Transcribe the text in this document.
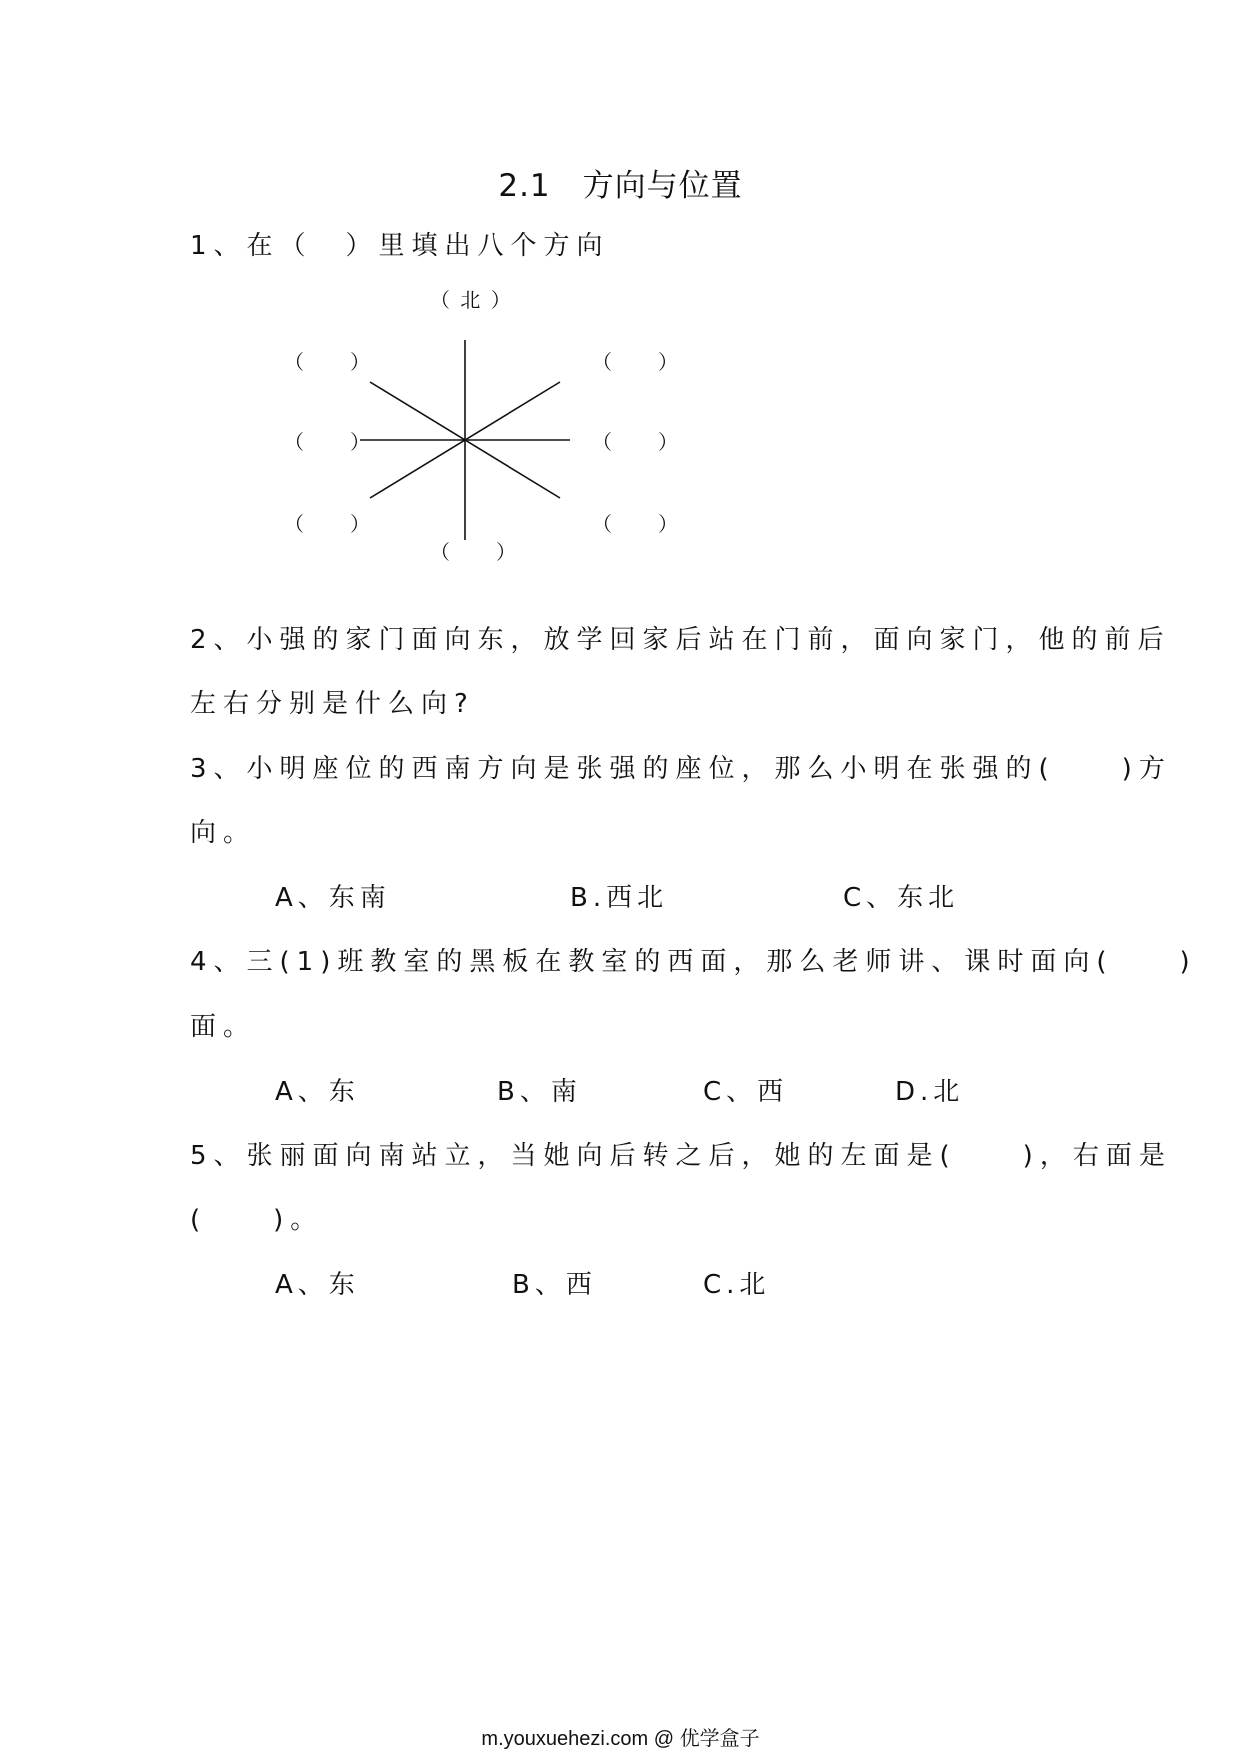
2.1　方向与位置
1、在（　）里填出八个方向
（ 北 ）
（　　）	（　　）
（　　）	（　　）
（　　）	（　　）
（　　）
2、小强的家门面向东，放学回家后站在门前，面向家门，他的前后
左右分别是什么向?
3、小明座位的西南方向是张强的座位，那么小明在张强的(　　)方
向。
A、东南	B.西北	C、东北
4、三(1)班教室的黑板在教室的西面，那么老师讲、课时面向(　　)
面。
A、东	B、南	C、西	D.北
5、张丽面向南站立，当她向后转之后，她的左面是(　　)，右面是
(　　)。
A、东	B、西	C.北
m.youxuehezi.com @ 优学盒子
